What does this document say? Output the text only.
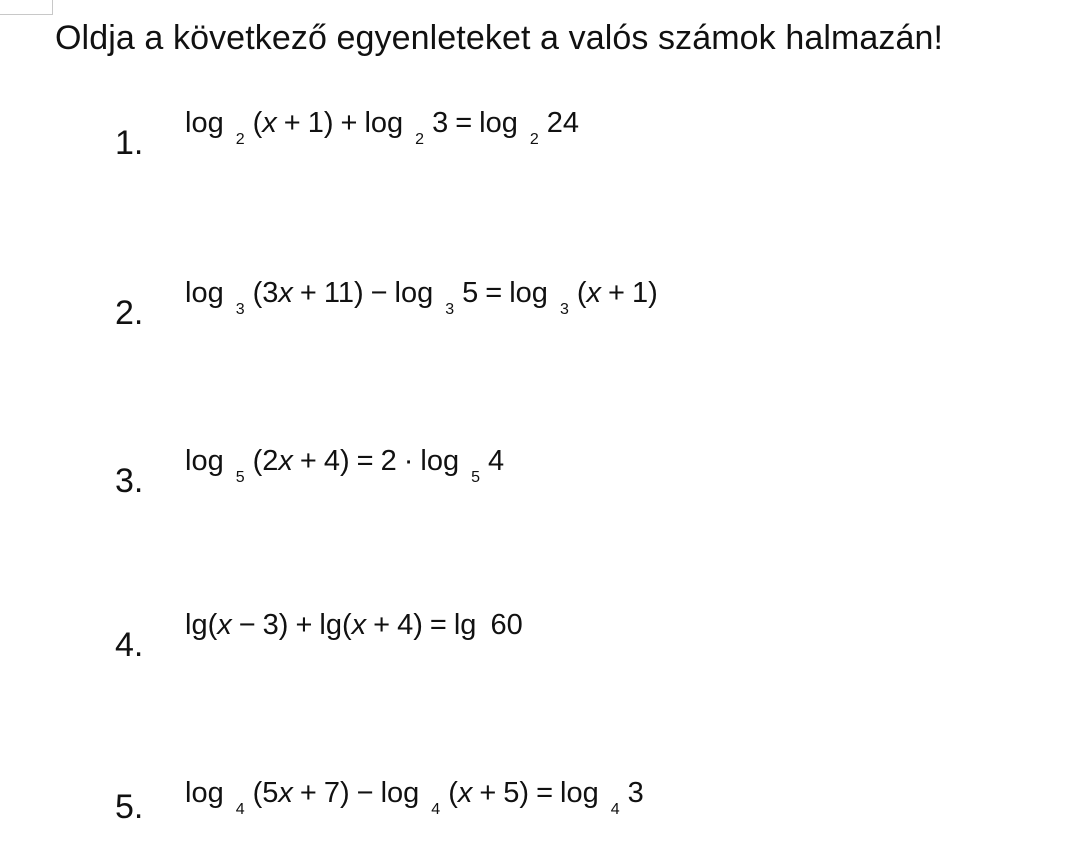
Oldja a következő egyenleteket a valós számok halmazán!
1.
$\log_2(x + 1) + \log_23 = \log_224$
2.
$\log_3(3x + 11) - \log_35 = \log_3(x + 1)$
3.
$\log_5(2x + 4) = 2 \cdot \log_54$
4.
lg(x − 3) + lg(x + 4) = lg 60
5. $\log_4(5x + 7) - \log_4(x + 5) = \log_43$
